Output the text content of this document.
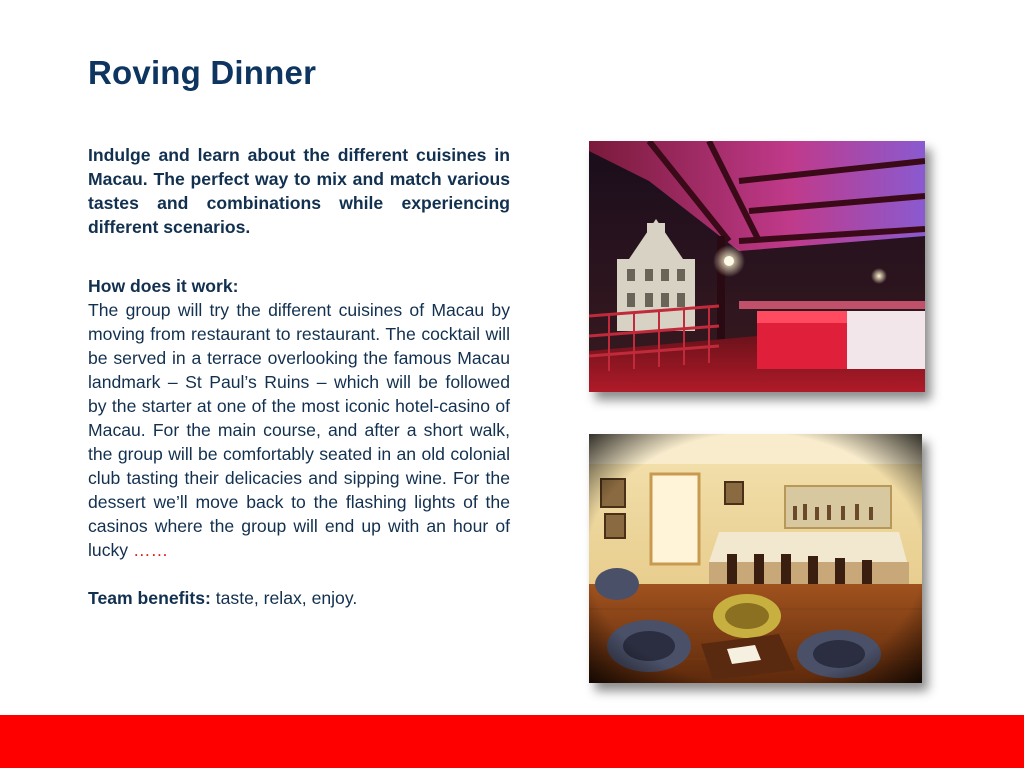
Roving Dinner

Indulge and learn about the different cuisines in Macau. The perfect way to mix and match various tastes and combinations while experiencing different scenarios.

How does it work:

The group will try the different cuisines of Macau by moving from restaurant to restaurant. The cocktail will be served in a terrace overlooking the famous Macau landmark – St Paul’s Ruins – which will be followed by the starter at one of the most iconic hotel-casino of Macau. For the main course, and after a short walk, the group will be comfortably seated in an old colonial club tasting their delicacies and sipping wine. For the dessert we’ll move back to the flashing lights of the casinos where the group will end up with an hour of lucky ……

Team benefits: taste, relax, enjoy.
